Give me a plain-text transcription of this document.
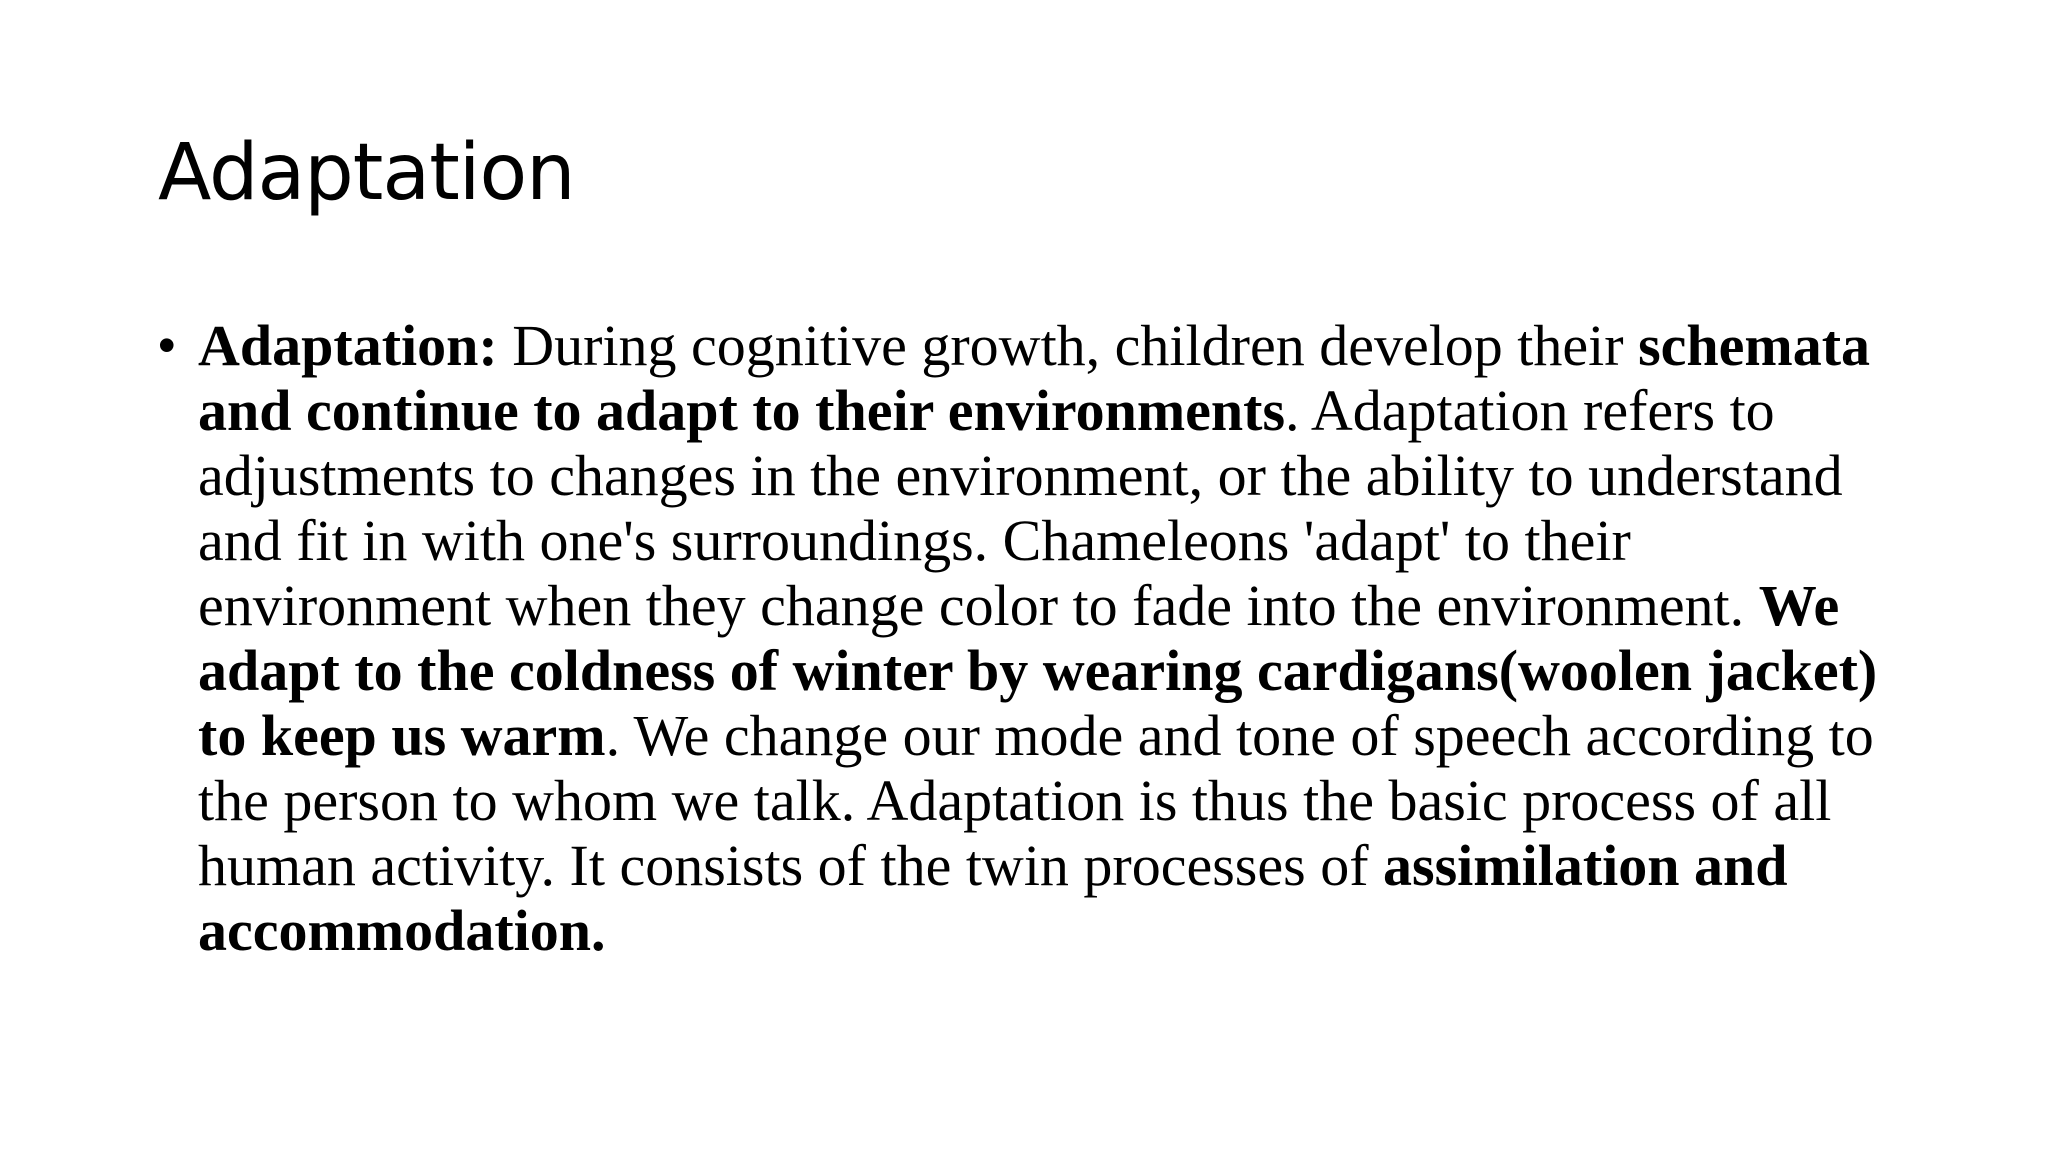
Adaptation
• Adaptation: During cognitive growth, children develop their schemata and continue to adapt to their environments. Adaptation refers to adjustments to changes in the environment, or the ability to understand and fit in with one's surroundings. Chameleons 'adapt' to their environment when they change color to fade into the environment. We adapt to the coldness of winter by wearing cardigans(woolen jacket) to keep us warm. We change our mode and tone of speech according to the person to whom we talk. Adaptation is thus the basic process of all human activity. It consists of the twin processes of assimilation and accommodation.
